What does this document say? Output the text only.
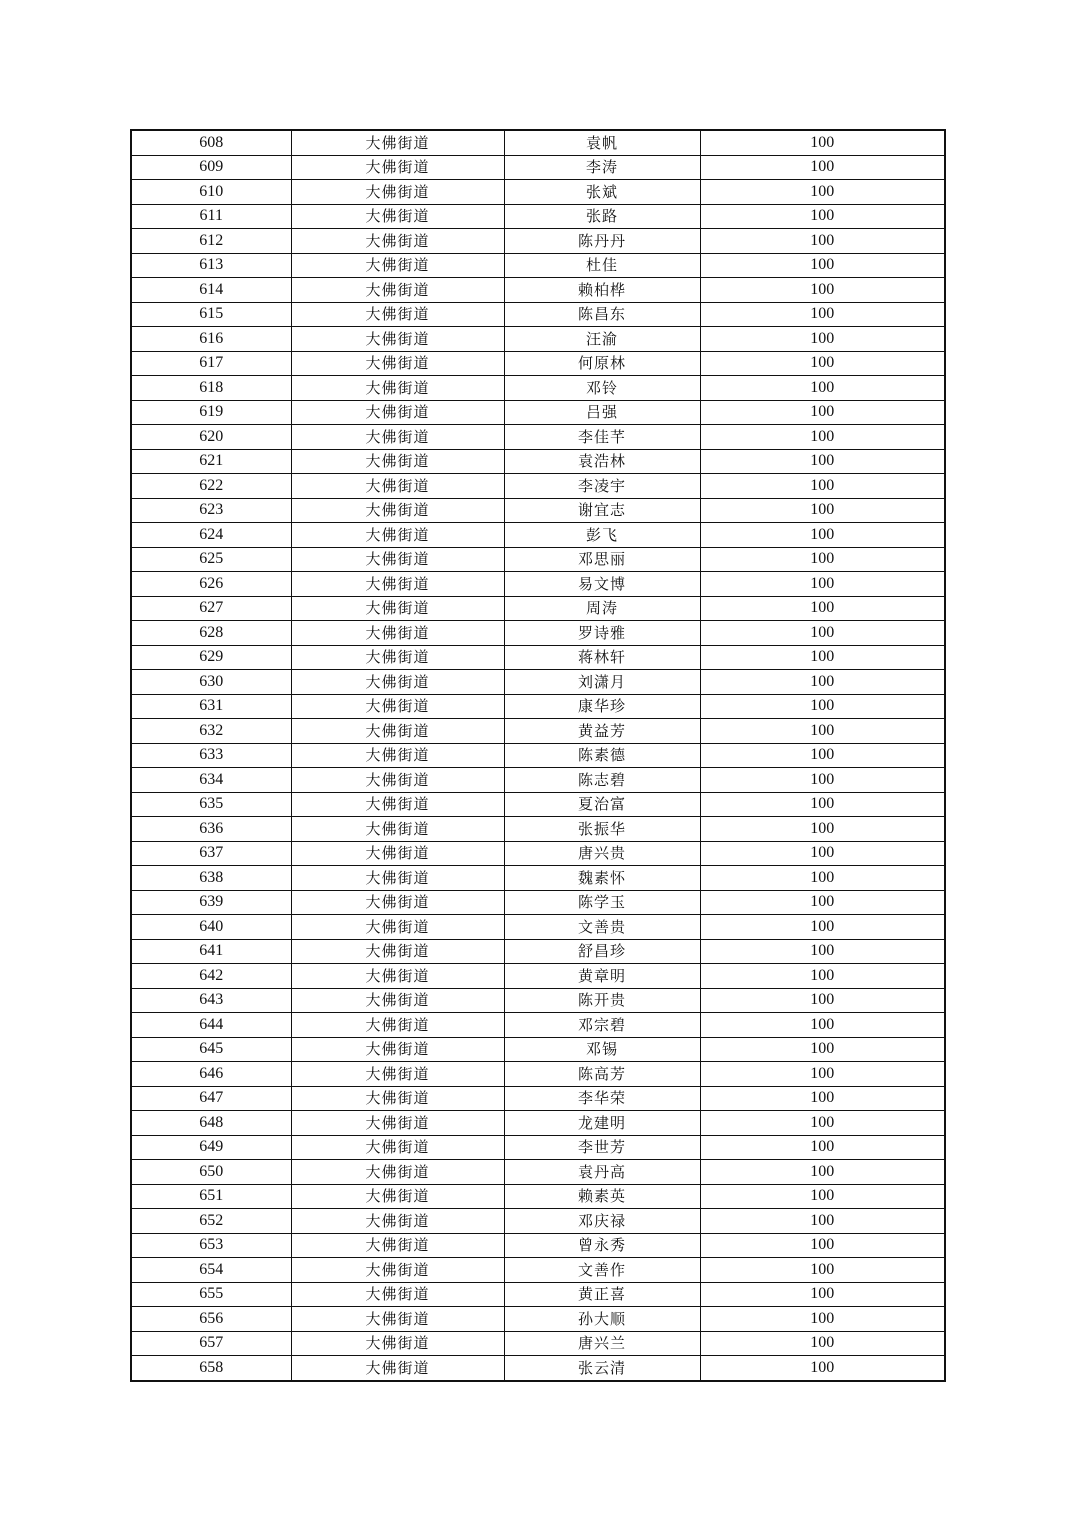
608	大佛街道	袁帆	100
609	大佛街道	李涛	100
610	大佛街道	张斌	100
611	大佛街道	张路	100
612	大佛街道	陈丹丹	100
613	大佛街道	杜佳	100
614	大佛街道	赖柏桦	100
615	大佛街道	陈昌东	100
616	大佛街道	汪渝	100
617	大佛街道	何原林	100
618	大佛街道	邓铃	100
619	大佛街道	吕强	100
620	大佛街道	李佳芊	100
621	大佛街道	袁浩林	100
622	大佛街道	李凌宇	100
623	大佛街道	谢宜志	100
624	大佛街道	彭飞	100
625	大佛街道	邓思丽	100
626	大佛街道	易文博	100
627	大佛街道	周涛	100
628	大佛街道	罗诗雅	100
629	大佛街道	蒋林轩	100
630	大佛街道	刘潇月	100
631	大佛街道	康华珍	100
632	大佛街道	黄益芳	100
633	大佛街道	陈素德	100
634	大佛街道	陈志碧	100
635	大佛街道	夏治富	100
636	大佛街道	张振华	100
637	大佛街道	唐兴贵	100
638	大佛街道	魏素怀	100
639	大佛街道	陈学玉	100
640	大佛街道	文善贵	100
641	大佛街道	舒昌珍	100
642	大佛街道	黄章明	100
643	大佛街道	陈开贵	100
644	大佛街道	邓宗碧	100
645	大佛街道	邓锡	100
646	大佛街道	陈高芳	100
647	大佛街道	李华荣	100
648	大佛街道	龙建明	100
649	大佛街道	李世芳	100
650	大佛街道	袁丹高	100
651	大佛街道	赖素英	100
652	大佛街道	邓庆禄	100
653	大佛街道	曾永秀	100
654	大佛街道	文善作	100
655	大佛街道	黄正喜	100
656	大佛街道	孙大顺	100
657	大佛街道	唐兴兰	100
658	大佛街道	张云清	100
